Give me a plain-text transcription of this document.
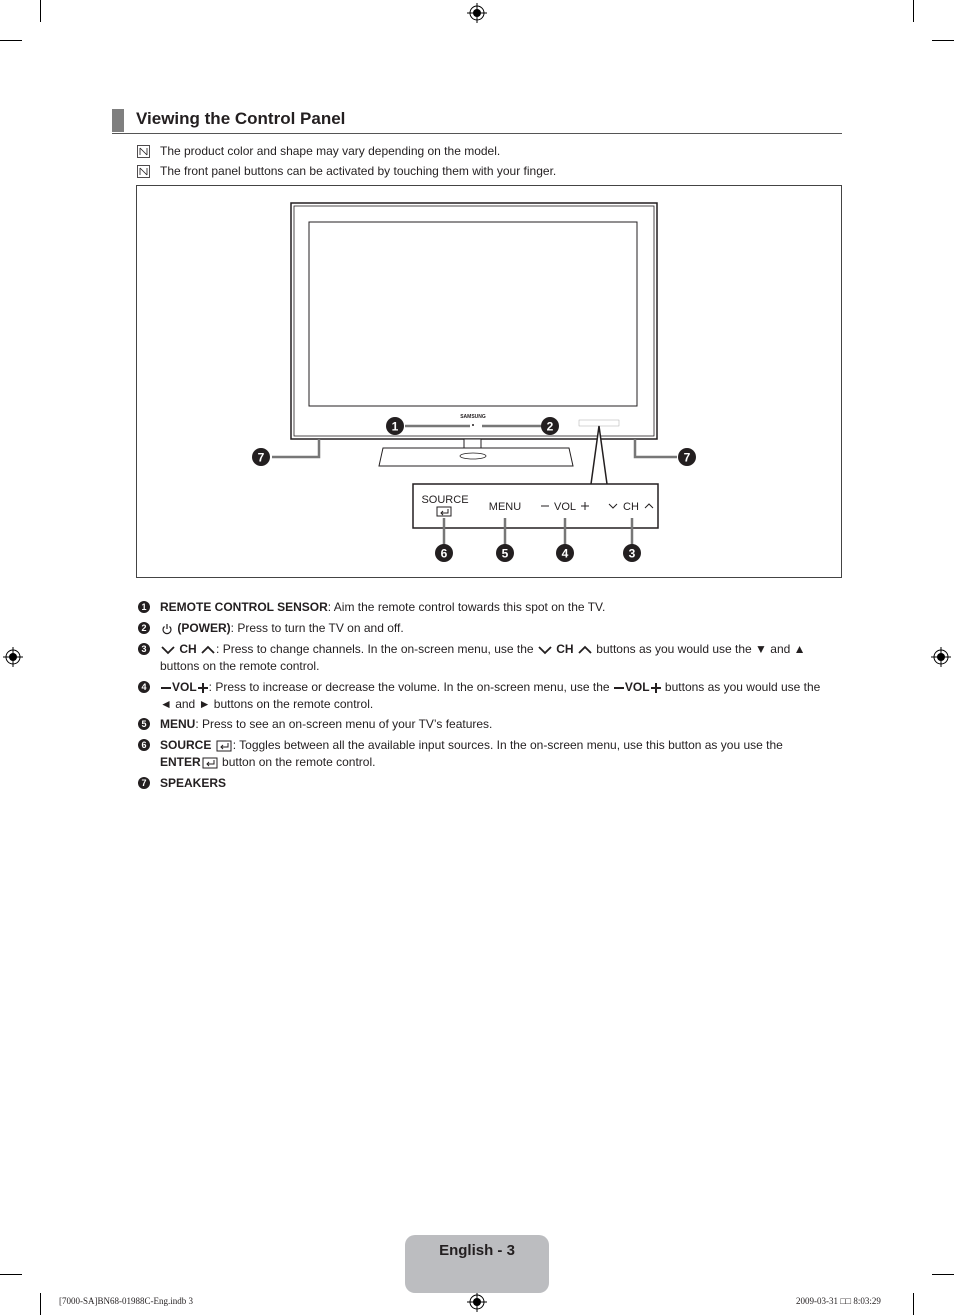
Viewing the Control Panel
The product color and shape may vary depending on the model.
The front panel buttons can be activated by touching them with your finger.
SAMSUNG
SOURCE
MENU	VOL	CH
1	2
7	7
6	5	4	3
1 REMOTE CONTROL SENSOR: Aim the remote control towards this spot on the TV.
2	(POWER): Press to turn the TV on and off.
3	CH : Press to change channels. In the on-screen menu, use the CH buttons as you would use the ▼ and ▲
buttons on the remote control.
4	VOL : Press to increase or decrease the volume. In the on-screen menu, use the VOL buttons as you would use the
◄ and ► buttons on the remote control.
5 MENU: Press to see an on-screen menu of your TV’s features.
6 SOURCE : Toggles between all the available input sources. In the on-screen menu, use this button as you use the
ENTER button on the remote control.
7 SPEAKERS
English - 3
[7000-SA]BN68-01988C-Eng.indb 3	2009-03-31 □□ 8:03:29
